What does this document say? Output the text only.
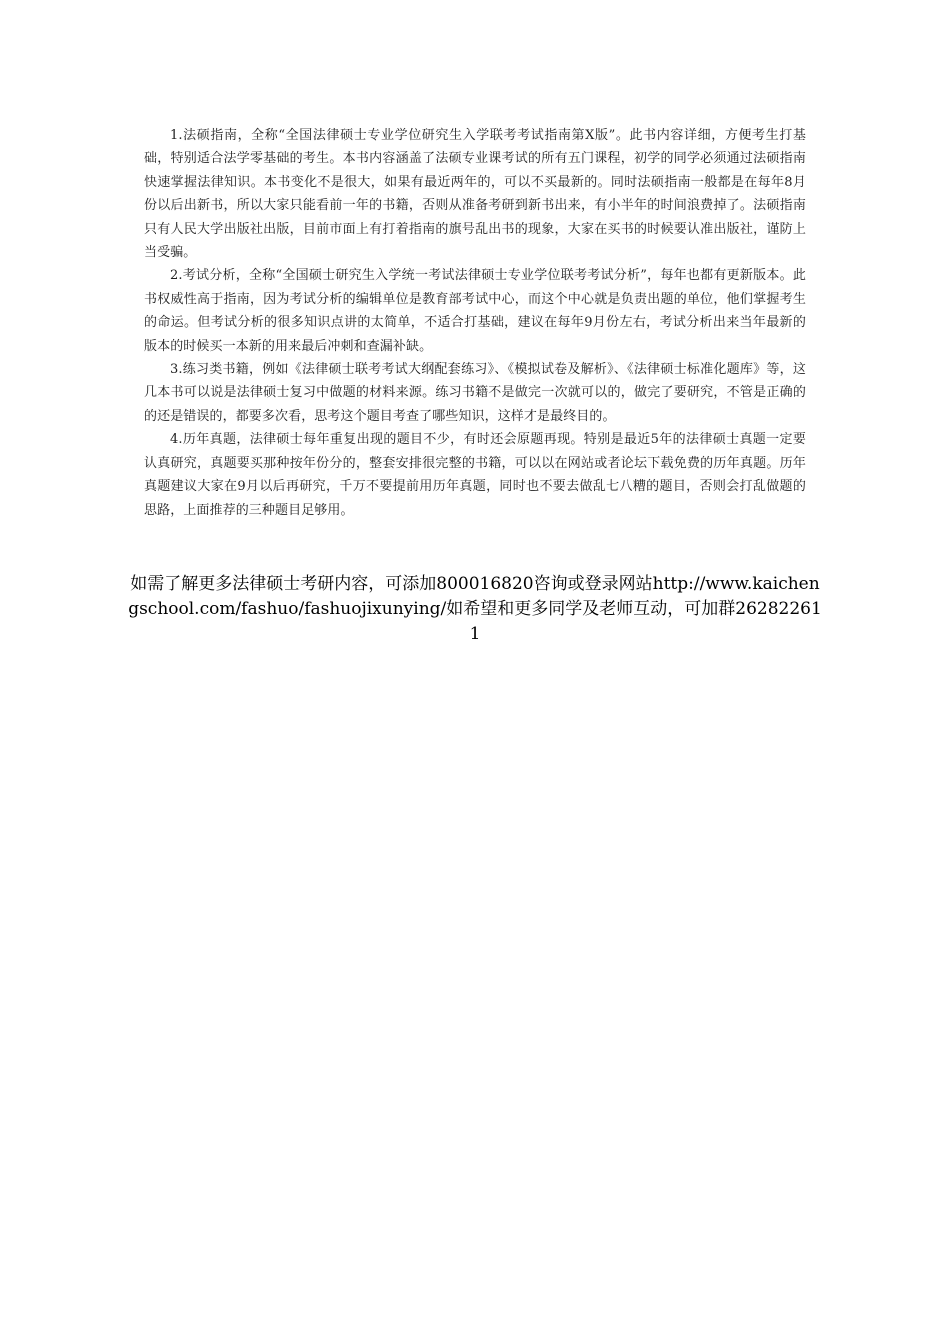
1.法硕指南，全称“全国法律硕士专业学位研究生入学联考考试指南第X版”。此书内容详细，方便考生打基础，特别适合法学零基础的考生。本书内容涵盖了法硕专业课考试的所有五门课程，初学的同学必须通过法硕指南快速掌握法律知识。本书变化不是很大，如果有最近两年的，可以不买最新的。同时法硕指南一般都是在每年8月份以后出新书，所以大家只能看前一年的书籍，否则从准备考研到新书出来，有小半年的时间浪费掉了。法硕指南只有人民大学出版社出版，目前市面上有打着指南的旗号乱出书的现象，大家在买书的时候要认准出版社，谨防上当受骗。

2.考试分析，全称“全国硕士研究生入学统一考试法律硕士专业学位联考考试分析”，每年也都有更新版本。此书权威性高于指南，因为考试分析的编辑单位是教育部考试中心，而这个中心就是负责出题的单位，他们掌握考生的命运。但考试分析的很多知识点讲的太简单，不适合打基础，建议在每年9月份左右，考试分析出来当年最新的版本的时候买一本新的用来最后冲刺和查漏补缺。

3.练习类书籍，例如《法律硕士联考考试大纲配套练习》、《模拟试卷及解析》、《法律硕士标准化题库》等，这几本书可以说是法律硕士复习中做题的材料来源。练习书籍不是做完一次就可以的，做完了要研究，不管是正确的的还是错误的，都要多次看，思考这个题目考查了哪些知识，这样才是最终目的。

4.历年真题，法律硕士每年重复出现的题目不少，有时还会原题再现。特别是最近5年的法律硕士真题一定要认真研究，真题要买那种按年份分的，整套安排很完整的书籍，可以以在网站或者论坛下载免费的历年真题。历年真题建议大家在9月以后再研究，千万不要提前用历年真题，同时也不要去做乱七八糟的题目，否则会打乱做题的思路，上面推荐的三种题目足够用。

如需了解更多法律硕士考研内容，可添加800016820咨询或登录网站http://www.kaichengschool.com/fashuo/fashuojixunying/如希望和更多同学及老师互动，可加群262822611
